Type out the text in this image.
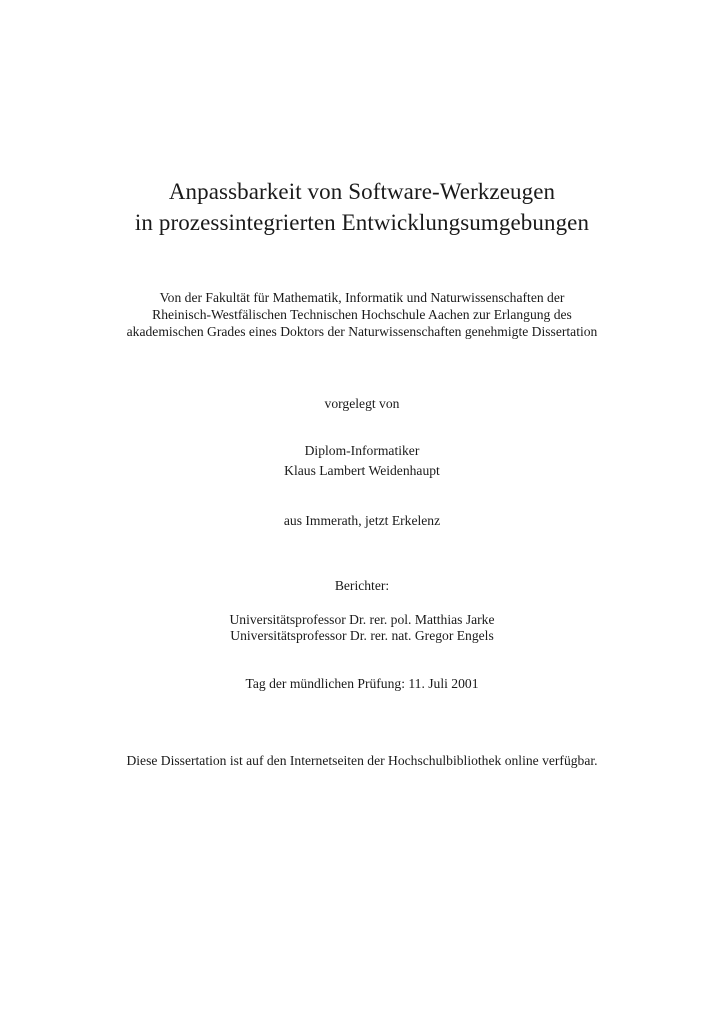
Anpassbarkeit von Software-Werkzeugen
in prozessintegrierten Entwicklungsumgebungen
Von der Fakultät für Mathematik, Informatik und Naturwissenschaften der
Rheinisch-Westfälischen Technischen Hochschule Aachen zur Erlangung des
akademischen Grades eines Doktors der Naturwissenschaften genehmigte Dissertation
vorgelegt von
Diplom-Informatiker
Klaus Lambert Weidenhaupt
aus Immerath, jetzt Erkelenz
Berichter:
Universitätsprofessor Dr. rer. pol. Matthias Jarke
Universitätsprofessor Dr. rer. nat. Gregor Engels
Tag der mündlichen Prüfung: 11. Juli 2001
Diese Dissertation ist auf den Internetseiten der Hochschulbibliothek online verfügbar.
